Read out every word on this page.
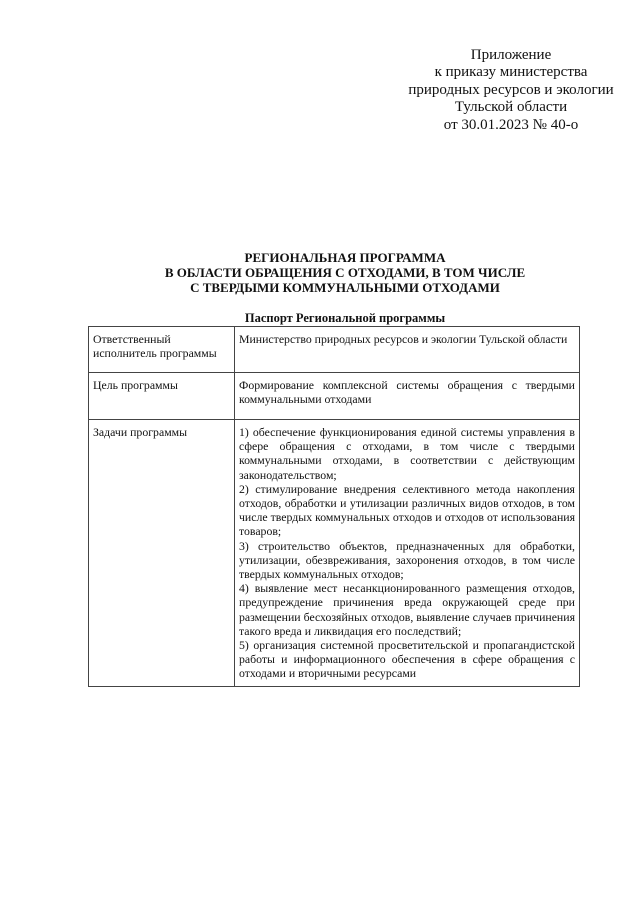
Приложение
к приказу министерства
природных ресурсов и экологии
Тульской области
от 30.01.2023 № 40-о
РЕГИОНАЛЬНАЯ ПРОГРАММА
В ОБЛАСТИ ОБРАЩЕНИЯ С ОТХОДАМИ, В ТОМ ЧИСЛЕ
С ТВЕРДЫМИ КОММУНАЛЬНЫМИ ОТХОДАМИ
Паспорт Региональной программы
Ответственный исполнитель программы	Министерство природных ресурсов и экологии Тульской области
Цель программы	Формирование комплексной системы обращения с твердыми коммунальными отходами
Задачи программы	1) обеспечение функционирования единой системы управления в сфере обращения с отходами, в том числе с твердыми коммунальными отходами, в соответствии с действующим законодательством;
2) стимулирование внедрения селективного метода накопления отходов, обработки и утилизации различных видов отходов, в том числе твердых коммунальных отходов и отходов от использования товаров;
3) строительство объектов, предназначенных для обработки, утилизации, обезвреживания, захоронения отходов, в том числе твердых коммунальных отходов;
4) выявление мест несанкционированного размещения отходов, предупреждение причинения вреда окружающей среде при размещении бесхозяйных отходов, выявление случаев причинения такого вреда и ликвидация его последствий;
5) организация системной просветительской и пропагандистской работы и информационного обеспечения в сфере обращения с отходами и вторичными ресурсами
